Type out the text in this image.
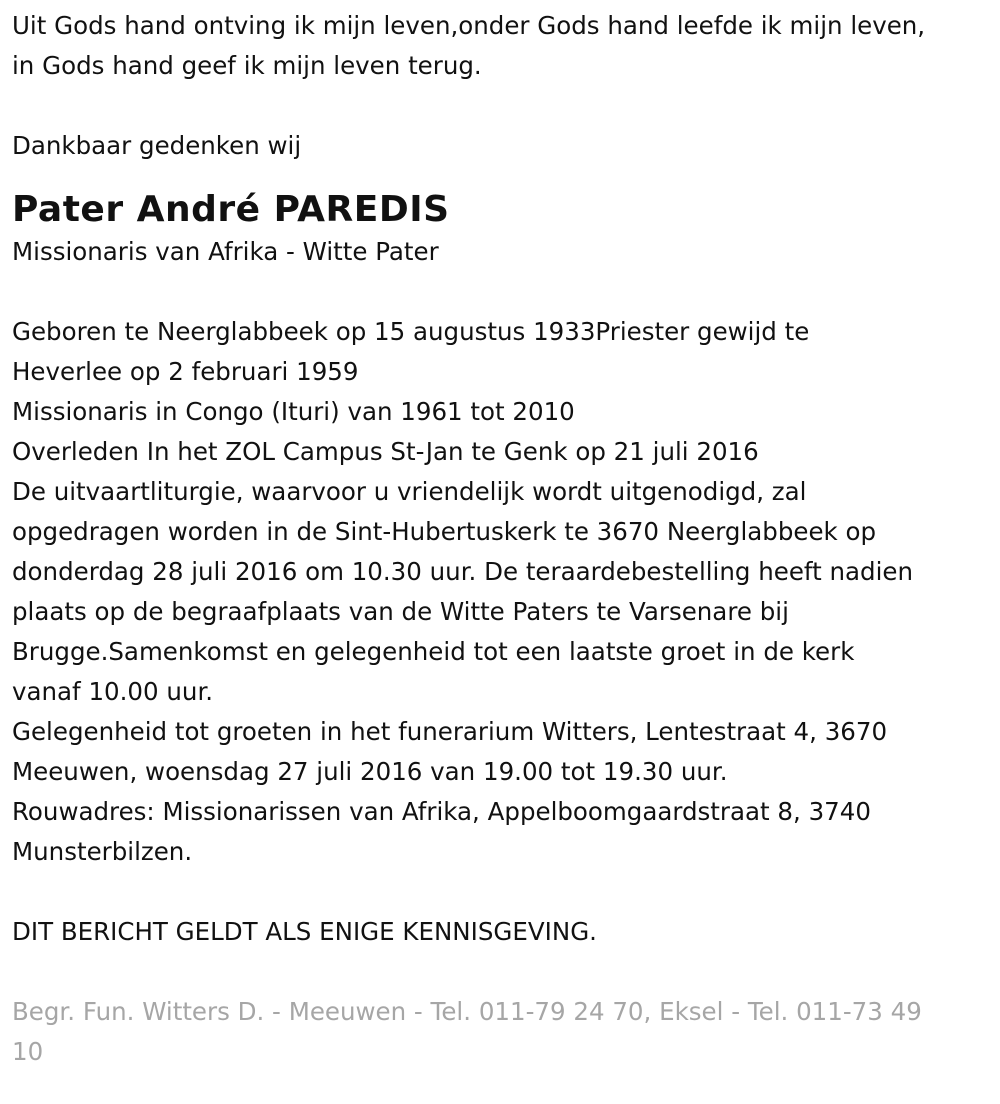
Uit Gods hand ontving ik mijn leven,onder Gods hand leefde ik mijn leven,

in Gods hand geef ik mijn leven terug.

Dankbaar gedenken wij

Pater André PAREDIS

Missionaris van Afrika - Witte Pater

Geboren te Neerglabbeek op 15 augustus 1933Priester gewijd te

Heverlee op 2 februari 1959

Missionaris in Congo (Ituri) van 1961 tot 2010

Overleden In het ZOL Campus St-Jan te Genk op 21 juli 2016

De uitvaartliturgie, waarvoor u vriendelijk wordt uitgenodigd, zal

opgedragen worden in de Sint-Hubertuskerk te 3670 Neerglabbeek op

donderdag 28 juli 2016 om 10.30 uur. De teraardebestelling heeft nadien

plaats op de begraafplaats van de Witte Paters te Varsenare bij

Brugge.Samenkomst en gelegenheid tot een laatste groet in de kerk

vanaf 10.00 uur.

Gelegenheid tot groeten in het funerarium Witters, Lentestraat 4, 3670

Meeuwen, woensdag 27 juli 2016 van 19.00 tot 19.30 uur.

Rouwadres: Missionarissen van Afrika, Appelboomgaardstraat 8, 3740

Munsterbilzen.

DIT BERICHT GELDT ALS ENIGE KENNISGEVING.

Begr. Fun. Witters D. - Meeuwen - Tel. 011-79 24 70, Eksel - Tel. 011-73 49

10
